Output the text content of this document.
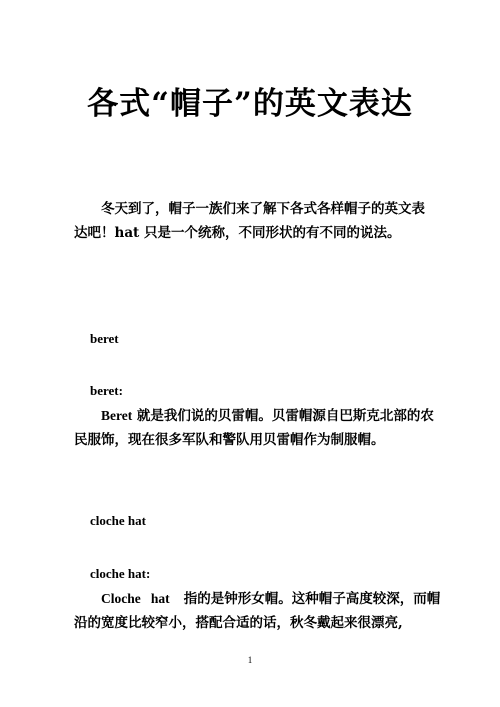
各式“帽子”的英文表达
冬天到了，帽子一族们来了解下各式各样帽子的英文表
达吧！hat 只是一个统称，不同形状的有不同的说法。
beret
beret:
Beret 就是我们说的贝雷帽。贝雷帽源自巴斯克北部的农
民服饰，现在很多军队和警队用贝雷帽作为制服帽。
cloche hat
cloche hat:
Cloche   hat   指的是钟形女帽。这种帽子高度较深，而帽
沿的宽度比较窄小，搭配合适的话，秋冬戴起来很漂亮,
1
